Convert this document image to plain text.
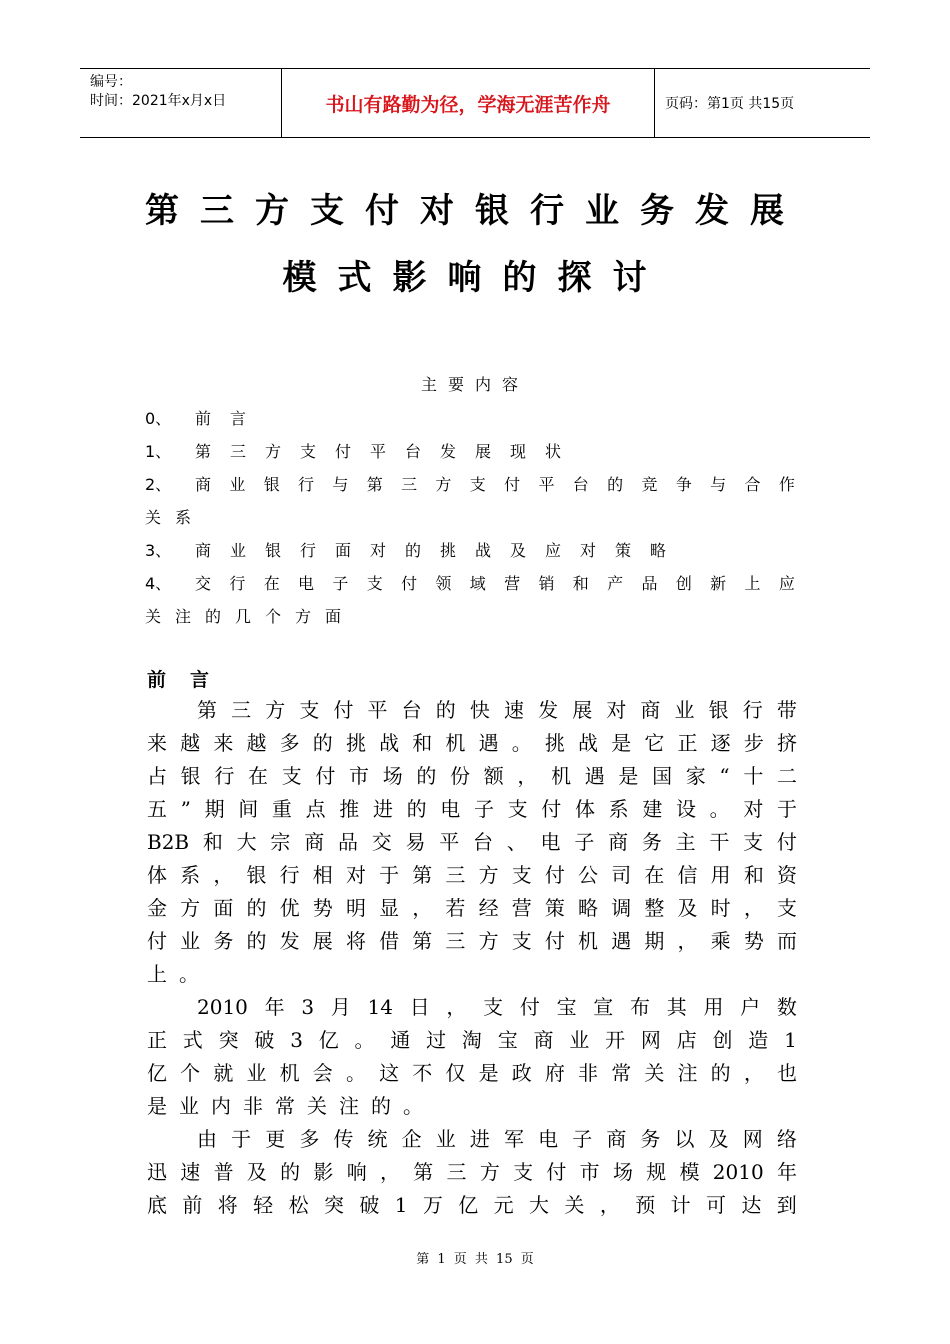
编号：
时间：2021年x月x日	书山有路勤为径，学海无涯苦作舟	页码：第1页 共15页
第三方支付对银行业务发展
模式影响的探讨
主要内容
0、	前言
1、	第三方支付平台发展现状
2、	商 业 银 行 与 第 三 方 支 付 平 台 的 竞 争 与 合 作
关系
3、	商业银行面对的挑战及应对策略
4、	交 行 在 电 子 支 付 领 域 营 销 和 产 品 创 新 上 应
关注的几个方面
前言
第 三 方 支 付 平 台 的 快 速 发 展 对 商 业 银 行 带
来 越 来 越 多 的 挑 战 和 机 遇 。 挑 战 是 它 正 逐 步 挤
占 银 行 在 支 付 市 场 的 份 额 ， 机 遇 是 国 家 “ 十 二
五 ” 期 间 重 点 推 进 的 电 子 支 付 体 系 建 设 。 对 于
B2B 和 大 宗 商 品 交 易 平 台 、 电 子 商 务 主 干 支 付
体 系 ， 银 行 相 对 于 第 三 方 支 付 公 司 在 信 用 和 资
金 方 面 的 优 势 明 显 ， 若 经 营 策 略 调 整 及 时 ， 支
付 业 务 的 发 展 将 借 第 三 方 支 付 机 遇 期 ， 乘 势 而
上。
2010 年 3 月 14 日 ， 支 付 宝 宣 布 其 用 户 数
正 式 突 破 3 亿 。 通 过 淘 宝 商 业 开 网 店 创 造 1
亿 个 就 业 机 会 。 这 不 仅 是 政 府 非 常 关 注 的 ， 也
是业内非常关注的。
由 于 更 多 传 统 企 业 进 军 电 子 商 务 以 及 网 络
迅 速 普 及 的 影 响 ， 第 三 方 支 付 市 场 规 模 2010 年
底 前 将 轻 松 突 破 1 万 亿 元 大 关 ， 预 计 可 达 到
第 1 页 共 15 页
